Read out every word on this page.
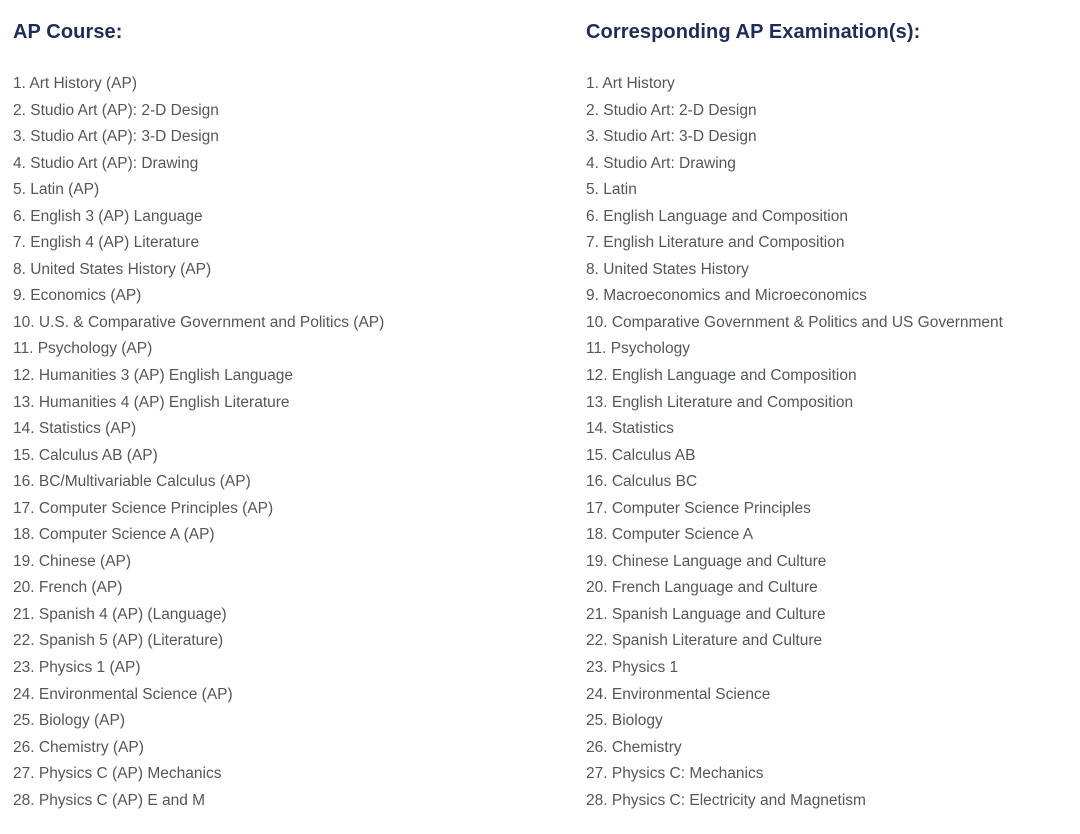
AP Course:
1. Art History (AP)
2. Studio Art (AP): 2-D Design
3. Studio Art (AP): 3-D Design
4. Studio Art (AP): Drawing
5. Latin (AP)
6. English 3 (AP) Language
7. English 4 (AP) Literature
8. United States History (AP)
9. Economics (AP)
10. U.S. & Comparative Government and Politics (AP)
11. Psychology (AP)
12. Humanities 3 (AP) English Language
13. Humanities 4 (AP) English Literature
14. Statistics (AP)
15. Calculus AB (AP)
16. BC/Multivariable Calculus (AP)
17. Computer Science Principles (AP)
18. Computer Science A (AP)
19. Chinese (AP)
20. French (AP)
21. Spanish 4 (AP) (Language)
22. Spanish 5 (AP) (Literature)
23. Physics 1 (AP)
24. Environmental Science (AP)
25. Biology (AP)
26. Chemistry (AP)
27. Physics C (AP) Mechanics
28. Physics C (AP) E and M
Corresponding AP Examination(s):
1. Art History
2. Studio Art: 2-D Design
3. Studio Art: 3-D Design
4. Studio Art: Drawing
5. Latin
6. English Language and Composition
7. English Literature and Composition
8. United States History
9. Macroeconomics and Microeconomics
10. Comparative Government & Politics and US Government
11. Psychology
12. English Language and Composition
13. English Literature and Composition
14. Statistics
15. Calculus AB
16. Calculus BC
17. Computer Science Principles
18. Computer Science A
19. Chinese Language and Culture
20. French Language and Culture
21. Spanish Language and Culture
22. Spanish Literature and Culture
23. Physics 1
24. Environmental Science
25. Biology
26. Chemistry
27. Physics C: Mechanics
28. Physics C: Electricity and Magnetism
